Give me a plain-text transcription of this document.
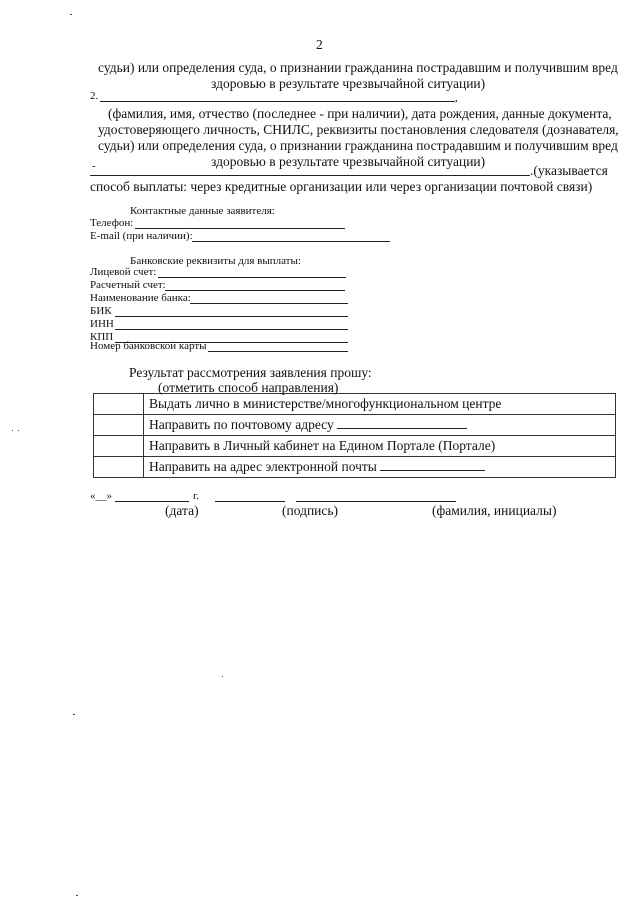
2
судьи) или определения суда, о признании гражданина пострадавшим и получившим вред
здоровью в результате чрезвычайной ситуации)
2.	,
(фамилия, имя, отчество (последнее - при наличии), дата рождения, данные документа,
удостоверяющего личность, СНИЛС, реквизиты постановления следователя (дознавателя,
судьи) или определения суда, о признании гражданина пострадавшим и получившим вред
здоровью в результате чрезвычайной ситуации)
-	.(указывается
способ выплаты: через кредитные организации или через организации почтовой связи)
Контактные данные заявителя:
Телефон:
E-mail (при наличии):
Банковские реквизиты для выплаты:
Лицевой счет:
Расчетный счет:
Наименование банка:
БИК
ИНН
КПП
Номер банковской карты
Результат рассмотрения заявления прошу:
(отметить способ направления)
	Выдать лично в министерстве/многофункциональном центре
	Направить по почтовому адресу
	Направить в Личный кабинет на Едином Портале (Портале)
	Направить на адрес электронной почты
«__»	г.
(дата)	(подпись)	(фамилия, инициалы)
